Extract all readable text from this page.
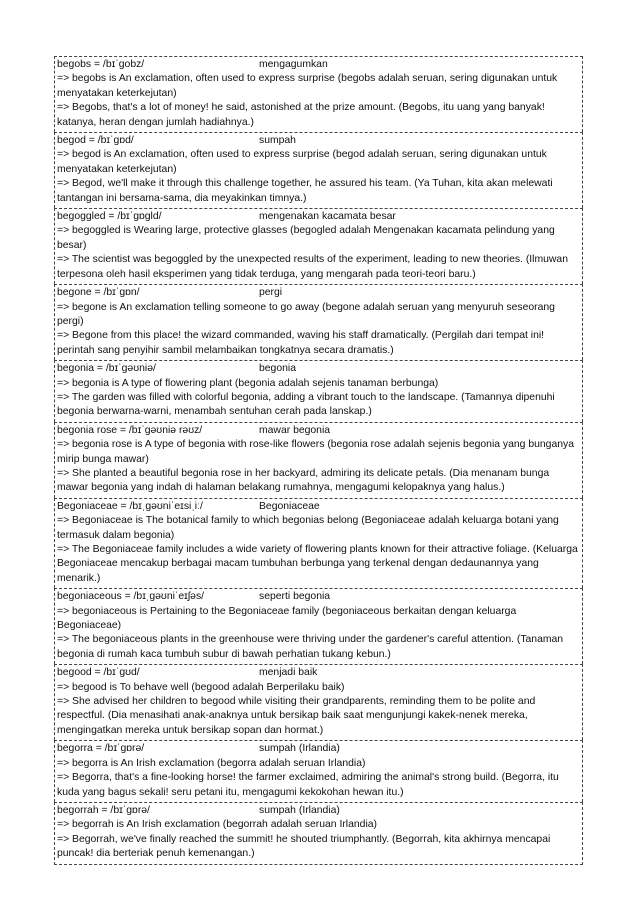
begobs = /bɪˈɡobz/	mengagumkan

=> begobs is An exclamation, often used to express surprise (begobs adalah seruan, sering digunakan untuk menyatakan keterkejutan)

=> Begobs, that's a lot of money! he said, astonished at the prize amount. (Begobs, itu uang yang banyak! katanya, heran dengan jumlah hadiahnya.)

begod = /bɪˈɡɒd/	sumpah

=> begod is An exclamation, often used to express surprise (begod adalah seruan, sering digunakan untuk menyatakan keterkejutan)

=> Begod, we'll make it through this challenge together, he assured his team. (Ya Tuhan, kita akan melewati tantangan ini bersama-sama, dia meyakinkan timnya.)

begoggled = /bɪˈɡɒɡld/	mengenakan kacamata besar

=> begoggled is Wearing large, protective glasses (begogled adalah Mengenakan kacamata pelindung yang besar)

=> The scientist was begoggled by the unexpected results of the experiment, leading to new theories. (Ilmuwan terpesona oleh hasil eksperimen yang tidak terduga, yang mengarah pada teori-teori baru.)

begone = /bɪˈɡɒn/	pergi

=> begone is An exclamation telling someone to go away (begone adalah seruan yang menyuruh seseorang pergi)

=> Begone from this place! the wizard commanded, waving his staff dramatically. (Pergilah dari tempat ini! perintah sang penyihir sambil melambaikan tongkatnya secara dramatis.)

begonia = /bɪˈɡəʊniə/	begonia

=> begonia is A type of flowering plant (begonia adalah sejenis tanaman berbunga)

=> The garden was filled with colorful begonia, adding a vibrant touch to the landscape. (Tamannya dipenuhi begonia berwarna-warni, menambah sentuhan cerah pada lanskap.)

begonia rose = /bɪˈɡəʊniə rəʊz/	mawar begonia

=> begonia rose is A type of begonia with rose-like flowers (begonia rose adalah sejenis begonia yang bunganya mirip bunga mawar)

=> She planted a beautiful begonia rose in her backyard, admiring its delicate petals. (Dia menanam bunga mawar begonia yang indah di halaman belakang rumahnya, mengagumi kelopaknya yang halus.)

Begoniaceae = /bɪˌɡəʊniˈeɪsiˌiː/	Begoniaceae

=> Begoniaceae is The botanical family to which begonias belong (Begoniaceae adalah keluarga botani yang termasuk dalam begonia)

=> The Begoniaceae family includes a wide variety of flowering plants known for their attractive foliage. (Keluarga Begoniaceae mencakup berbagai macam tumbuhan berbunga yang terkenal dengan dedaunannya yang menarik.)

begoniaceous = /bɪˌɡəʊniˈeɪʃəs/	seperti begonia

=> begoniaceous is Pertaining to the Begoniaceae family (begoniaceous berkaitan dengan keluarga Begoniaceae)

=> The begoniaceous plants in the greenhouse were thriving under the gardener's careful attention. (Tanaman begonia di rumah kaca tumbuh subur di bawah perhatian tukang kebun.)

begood = /bɪˈɡʊd/	menjadi baik

=> begood is To behave well (begood adalah Berperilaku baik)

=> She advised her children to begood while visiting their grandparents, reminding them to be polite and respectful. (Dia menasihati anak-anaknya untuk bersikap baik saat mengunjungi kakek-nenek mereka, mengingatkan mereka untuk bersikap sopan dan hormat.)

begorra = /bɪˈɡɒrə/	sumpah (Irlandia)

=> begorra is An Irish exclamation (begorra adalah seruan Irlandia)

=> Begorra, that's a fine-looking horse! the farmer exclaimed, admiring the animal's strong build. (Begorra, itu kuda yang bagus sekali! seru petani itu, mengagumi kekokohan hewan itu.)

begorrah = /bɪˈɡɒrə/	sumpah (Irlandia)

=> begorrah is An Irish exclamation (begorrah adalah seruan Irlandia)

=> Begorrah, we've finally reached the summit! he shouted triumphantly. (Begorrah, kita akhirnya mencapai puncak! dia berteriak penuh kemenangan.)
